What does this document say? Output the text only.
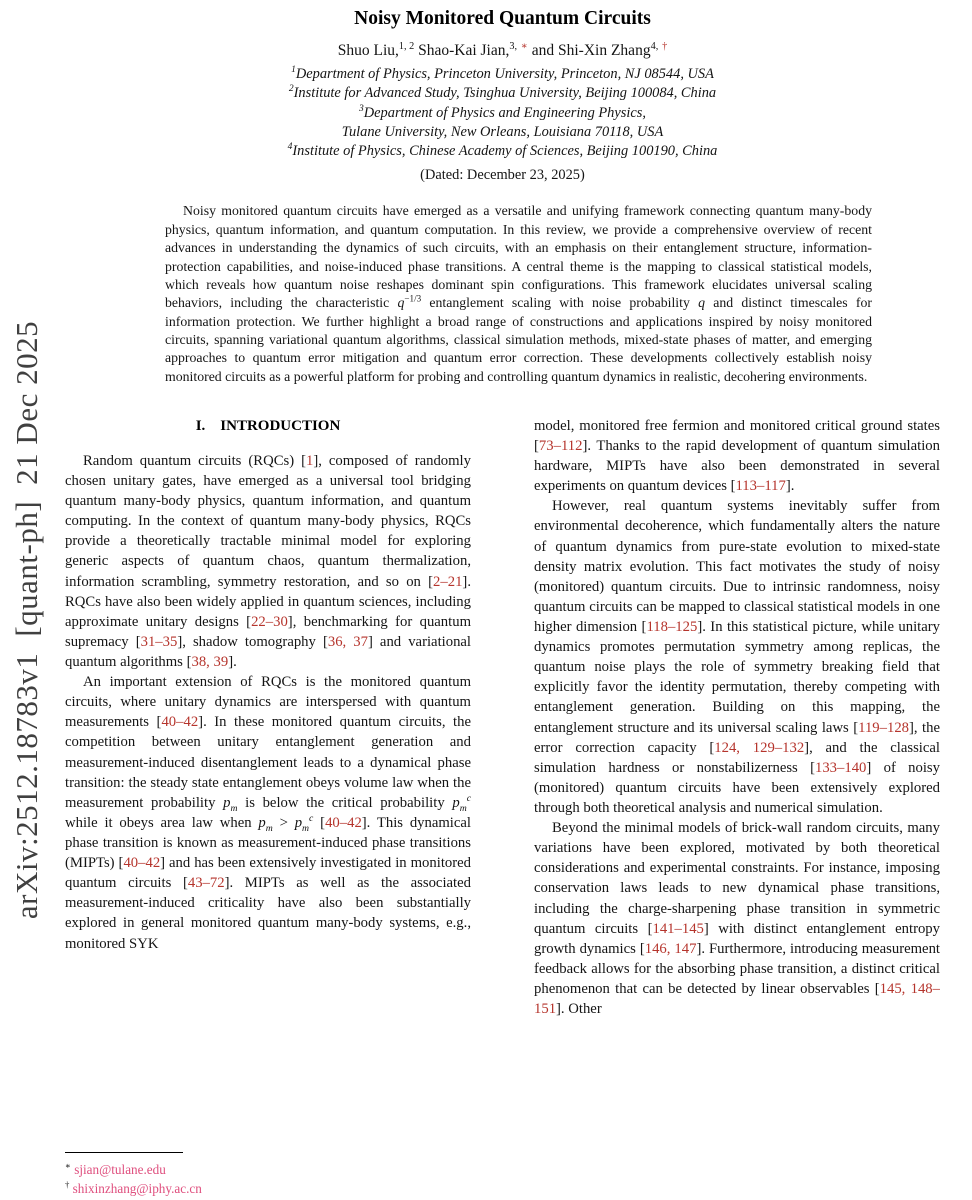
arXiv:2512.18783v1 [quant-ph] 21 Dec 2025
Noisy Monitored Quantum Circuits
Shuo Liu,$^{1, 2}$ Shao-Kai Jian,$^{3,}$ ∗ and Shi-Xin Zhang$^{4,}$ †
$^1$Department of Physics, Princeton University, Princeton, NJ 08544, USA
$^2$Institute for Advanced Study, Tsinghua University, Beijing 100084, China
$^3$Department of Physics and Engineering Physics,
Tulane University, New Orleans, Louisiana 70118, USA
$^4$Institute of Physics, Chinese Academy of Sciences, Beijing 100190, China
(Dated: December 23, 2025)
Noisy monitored quantum circuits have emerged as a versatile and unifying framework connecting quantum many-body physics, quantum information, and quantum computation. In this review, we provide a comprehensive overview of recent advances in understanding the dynamics of such circuits, with an emphasis on their entanglement structure, information-protection capabilities, and noise-induced phase transitions. A central theme is the mapping to classical statistical models, which reveals how quantum noise reshapes dominant spin configurations. This framework elucidates universal scaling behaviors, including the characteristic $q^{-1/3}$ entanglement scaling with noise probability q and distinct timescales for information protection. We further highlight a broad range of constructions and applications inspired by noisy monitored circuits, spanning variational quantum algorithms, classical simulation methods, mixed-state phases of matter, and emerging approaches to quantum error mitigation and quantum error correction. These developments collectively establish noisy monitored circuits as a powerful platform for probing and controlling quantum dynamics in realistic, decohering environments.
I.  INTRODUCTION

Random quantum circuits (RQCs) [1], composed of randomly chosen unitary gates, have emerged as a universal tool bridging quantum many-body physics, quantum information, and quantum computing. In the context of quantum many-body physics, RQCs provide a theoretically tractable minimal model for exploring generic aspects of quantum chaos, quantum thermalization, information scrambling, symmetry restoration, and so on [2–21]. RQCs have also been widely applied in quantum sciences, including approximate unitary designs [22–30], benchmarking for quantum supremacy [31–35], shadow tomography [36, 37] and variational quantum algorithms [38, 39].

An important extension of RQCs is the monitored quantum circuits, where unitary dynamics are interspersed with quantum measurements [40–42]. In these monitored quantum circuits, the competition between unitary entanglement generation and measurement-induced disentanglement leads to a dynamical phase transition: the steady state entanglement obeys volume law when the measurement probability $p_m$ is below the critical probability $p_m^c$ while it obeys area law when $p_m > p_m^c$ [40–42]. This dynamical phase transition is known as measurement-induced phase transitions (MIPTs) [40–42] and has been extensively investigated in monitored quantum circuits [43–72]. MIPTs as well as the associated measurement-induced criticality have also been substantially explored in general monitored quantum many-body systems, e.g., monitored SYK

model, monitored free fermion and monitored critical ground states [73–112]. Thanks to the rapid development of quantum simulation hardware, MIPTs have also been demonstrated in several experiments on quantum devices [113–117].

However, real quantum systems inevitably suffer from environmental decoherence, which fundamentally alters the nature of quantum dynamics from pure-state evolution to mixed-state density matrix evolution. This fact motivates the study of noisy (monitored) quantum circuits. Due to intrinsic randomness, noisy quantum circuits can be mapped to classical statistical models in one higher dimension [118–125]. In this statistical picture, while unitary dynamics promotes permutation symmetry among replicas, the quantum noise plays the role of symmetry breaking field that explicitly favor the identity permutation, thereby competing with entanglement generation. Building on this mapping, the entanglement structure and its universal scaling laws [119–128], the error correction capacity [124, 129–132], and the classical simulation hardness or nonstabilizerness [133–140] of noisy (monitored) quantum circuits have been extensively explored through both theoretical analysis and numerical simulation.

Beyond the minimal models of brick-wall random circuits, many variations have been explored, motivated by both theoretical considerations and experimental constraints. For instance, imposing conservation laws leads to new dynamical phase transitions, including the charge-sharpening phase transition in symmetric quantum circuits [141–145] with distinct entanglement entropy growth dynamics [146, 147]. Furthermore, introducing measurement feedback allows for the absorbing phase transition, a distinct critical phenomenon that can be detected by linear observables [145, 148–151]. Other

∗ sjian@tulane.edu
† shixinzhang@iphy.ac.cn
